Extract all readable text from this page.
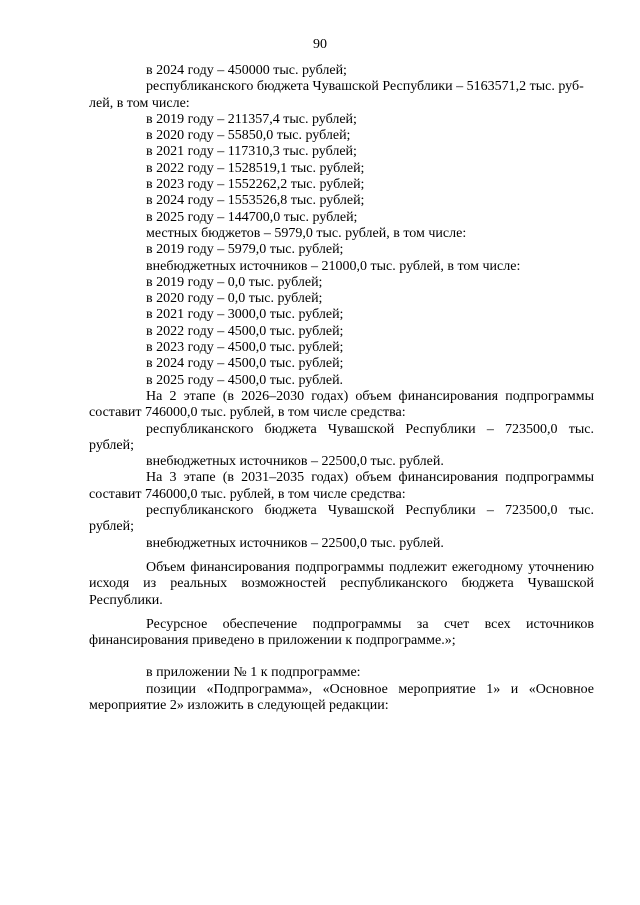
90

в 2024 году – 450000 тыс. рублей;

республиканского бюджета Чувашской Республики – 5163571,2 тыс. руб-

лей, в том числе:

в 2019 году – 211357,4 тыс. рублей;

в 2020 году – 55850,0 тыс. рублей;

в 2021 году – 117310,3 тыс. рублей;

в 2022 году – 1528519,1 тыс. рублей;

в 2023 году – 1552262,2 тыс. рублей;

в 2024 году – 1553526,8 тыс. рублей;

в 2025 году – 144700,0 тыс. рублей;

местных бюджетов – 5979,0 тыс. рублей, в том числе:

в 2019 году – 5979,0 тыс. рублей;

внебюджетных источников – 21000,0 тыс. рублей, в том числе:

в 2019 году – 0,0 тыс. рублей;

в 2020 году – 0,0 тыс. рублей;

в 2021 году – 3000,0 тыс. рублей;

в 2022 году – 4500,0 тыс. рублей;

в 2023 году – 4500,0 тыс. рублей;

в 2024 году – 4500,0 тыс. рублей;

в 2025 году – 4500,0 тыс. рублей.

На 2 этапе (в 2026–2030 годах) объем финансирования подпрограммы составит 746000,0 тыс. рублей, в том числе средства:

республиканского бюджета Чувашской Республики – 723500,0 тыс. рублей;

внебюджетных источников – 22500,0 тыс. рублей.

На 3 этапе (в 2031–2035 годах) объем финансирования подпрограммы составит 746000,0 тыс. рублей, в том числе средства:

республиканского бюджета Чувашской Республики – 723500,0 тыс. рублей;

внебюджетных источников – 22500,0 тыс. рублей.

Объем финансирования подпрограммы подлежит ежегодному уточнению исходя из реальных возможностей республиканского бюджета Чувашской Республики.

Ресурсное обеспечение подпрограммы за счет всех источников финансирования приведено в приложении к подпрограмме.»;

в приложении № 1 к подпрограмме:

позиции «Подпрограмма», «Основное мероприятие 1» и «Основное мероприятие 2» изложить в следующей редакции:
